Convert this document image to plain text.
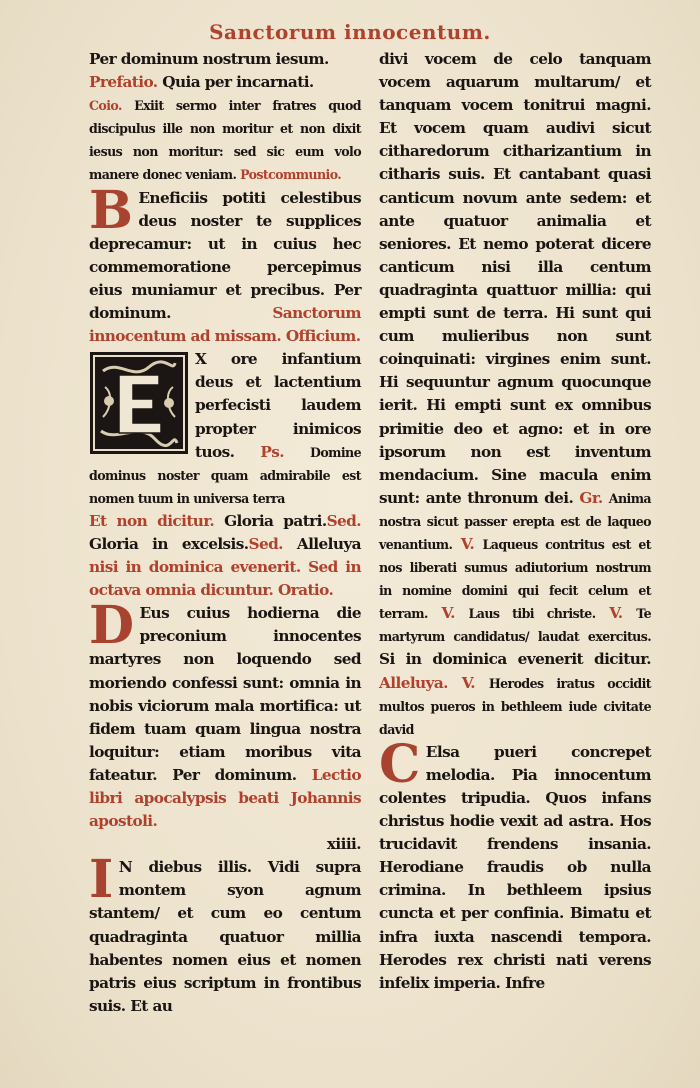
Sanctorum innocentum.

Per dominum nostrum iesum.

Prefatio. Quia per incarnati.

Coio. Exiit sermo inter fratres quod discipulus ille non moritur et non dixit iesus non moritur: sed sic eum volo manere donec veniam. Postcommunio.

B Eneficiis potiti celestibus deus noster te supplices deprecamur: ut in cuius hec commemoratione percepimus eius muniamur et precibus. Per dominum.	Sanctorum innocentum ad missam. Officium.

E
X ore infantium deus et lactentium perfecisti laudem propter inimicos tuos. Ps. Domine dominus noster quam admirabile est nomen tuum in universa terra

Et non dicitur. Gloria patri.Sed. Gloria in excelsis.Sed. Alleluya nisi in dominica evenerit. Sed in octava omnia dicuntur. Oratio.

D Eus cuius hodierna die preconium innocentes martyres non loquendo sed moriendo confessi sunt: omnia in nobis viciorum mala mortifica: ut fidem tuam quam lingua nostra loquitur: etiam moribus vita fateatur. Per dominum. Lectio libri apocalypsis beati Johannis apostoli.

xiiii.

I N diebus illis. Vidi supra montem syon agnum stantem/ et cum eo centum quadraginta quatuor millia habentes nomen eius et nomen patris eius scriptum in frontibus suis. Et au

divi vocem de celo tanquam vocem aquarum multarum/ et tanquam vocem tonitrui magni. Et vocem quam audivi sicut citharedorum citharizantium in citharis suis. Et cantabant quasi canticum novum ante sedem: et ante quatuor animalia et seniores. Et nemo poterat dicere canticum nisi illa centum quadraginta quattuor millia: qui empti sunt de terra. Hi sunt qui cum mulieribus non sunt coinquinati: virgines enim sunt. Hi sequuntur agnum quocunque ierit. Hi empti sunt ex omnibus primitie deo et agno: et in ore ipsorum non est inventum mendacium. Sine macula enim sunt: ante thronum dei. Gr. Anima nostra sicut passer erepta est de laqueo venantium. V. Laqueus contritus est et nos liberati sumus adiutorium nostrum in nomine domini qui fecit celum et terram. V. Laus tibi christe. V. Te martyrum candidatus/ laudat exercitus. Si in dominica evenerit dicitur. Alleluya. V. Herodes iratus occidit multos pueros in bethleem iude civitate david

C Elsa pueri concrepet melodia. Pia innocentum colentes tripudia. Quos infans christus hodie vexit ad astra. Hos trucidavit frendens insania. Herodiane fraudis ob nulla crimina. In bethleem ipsius cuncta et per confinia. Bimatu et infra iuxta nascendi tempora. Herodes rex christi nati verens infelix imperia. Infre
